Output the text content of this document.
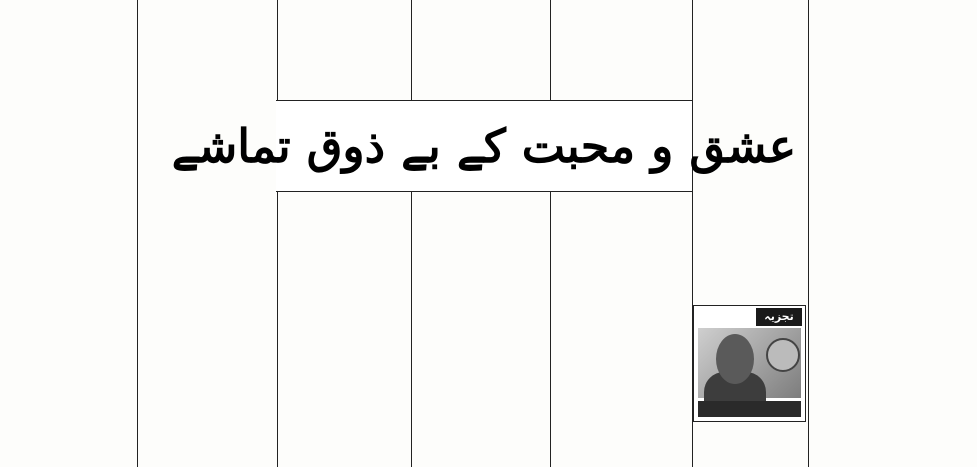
عشق و محبت کے بے ذوق تماشے
تجزیہ
